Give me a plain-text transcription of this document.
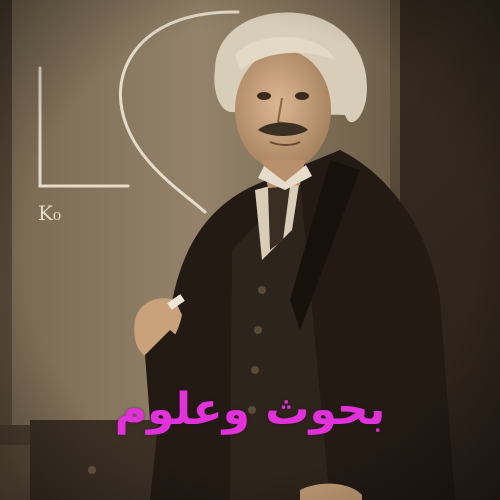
بحوث وعلوم
